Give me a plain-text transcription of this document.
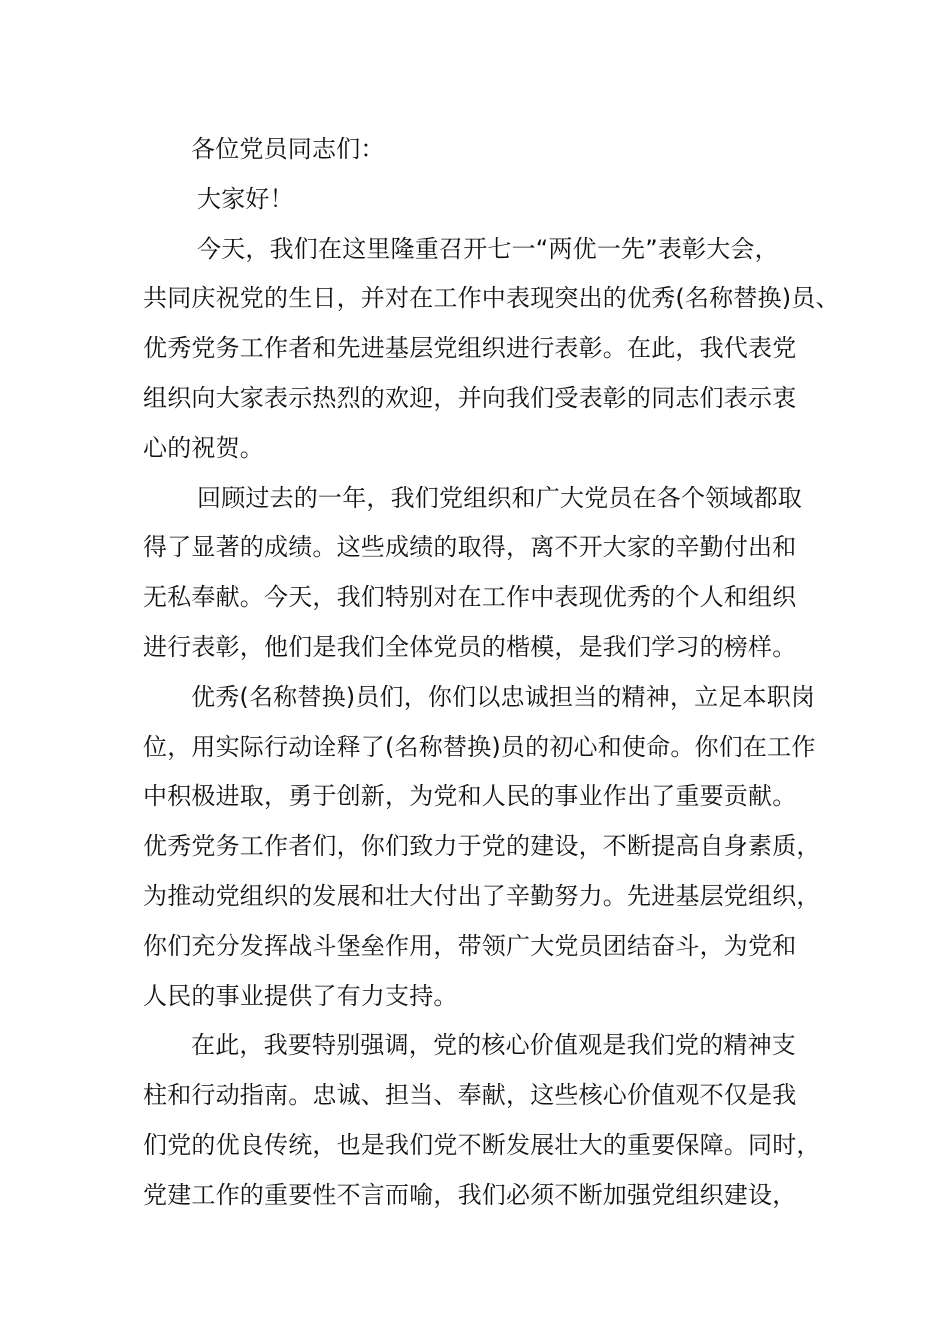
各位党员同志们：
大家好！
今天，我们在这里隆重召开七一“两优一先”表彰大会，
共同庆祝党的生日，并对在工作中表现突出的优秀(名称替换)员、
优秀党务工作者和先进基层党组织进行表彰。在此，我代表党
组织向大家表示热烈的欢迎，并向我们受表彰的同志们表示衷
心的祝贺。
回顾过去的一年，我们党组织和广大党员在各个领域都取
得了显著的成绩。这些成绩的取得，离不开大家的辛勤付出和
无私奉献。今天，我们特别对在工作中表现优秀的个人和组织
进行表彰，他们是我们全体党员的楷模，是我们学习的榜样。
优秀(名称替换)员们，你们以忠诚担当的精神，立足本职岗
位，用实际行动诠释了(名称替换)员的初心和使命。你们在工作
中积极进取，勇于创新，为党和人民的事业作出了重要贡献。
优秀党务工作者们，你们致力于党的建设，不断提高自身素质，
为推动党组织的发展和壮大付出了辛勤努力。先进基层党组织，
你们充分发挥战斗堡垒作用，带领广大党员团结奋斗，为党和
人民的事业提供了有力支持。
在此，我要特别强调，党的核心价值观是我们党的精神支
柱和行动指南。忠诚、担当、奉献，这些核心价值观不仅是我
们党的优良传统，也是我们党不断发展壮大的重要保障。同时，
党建工作的重要性不言而喻，我们必须不断加强党组织建设，
